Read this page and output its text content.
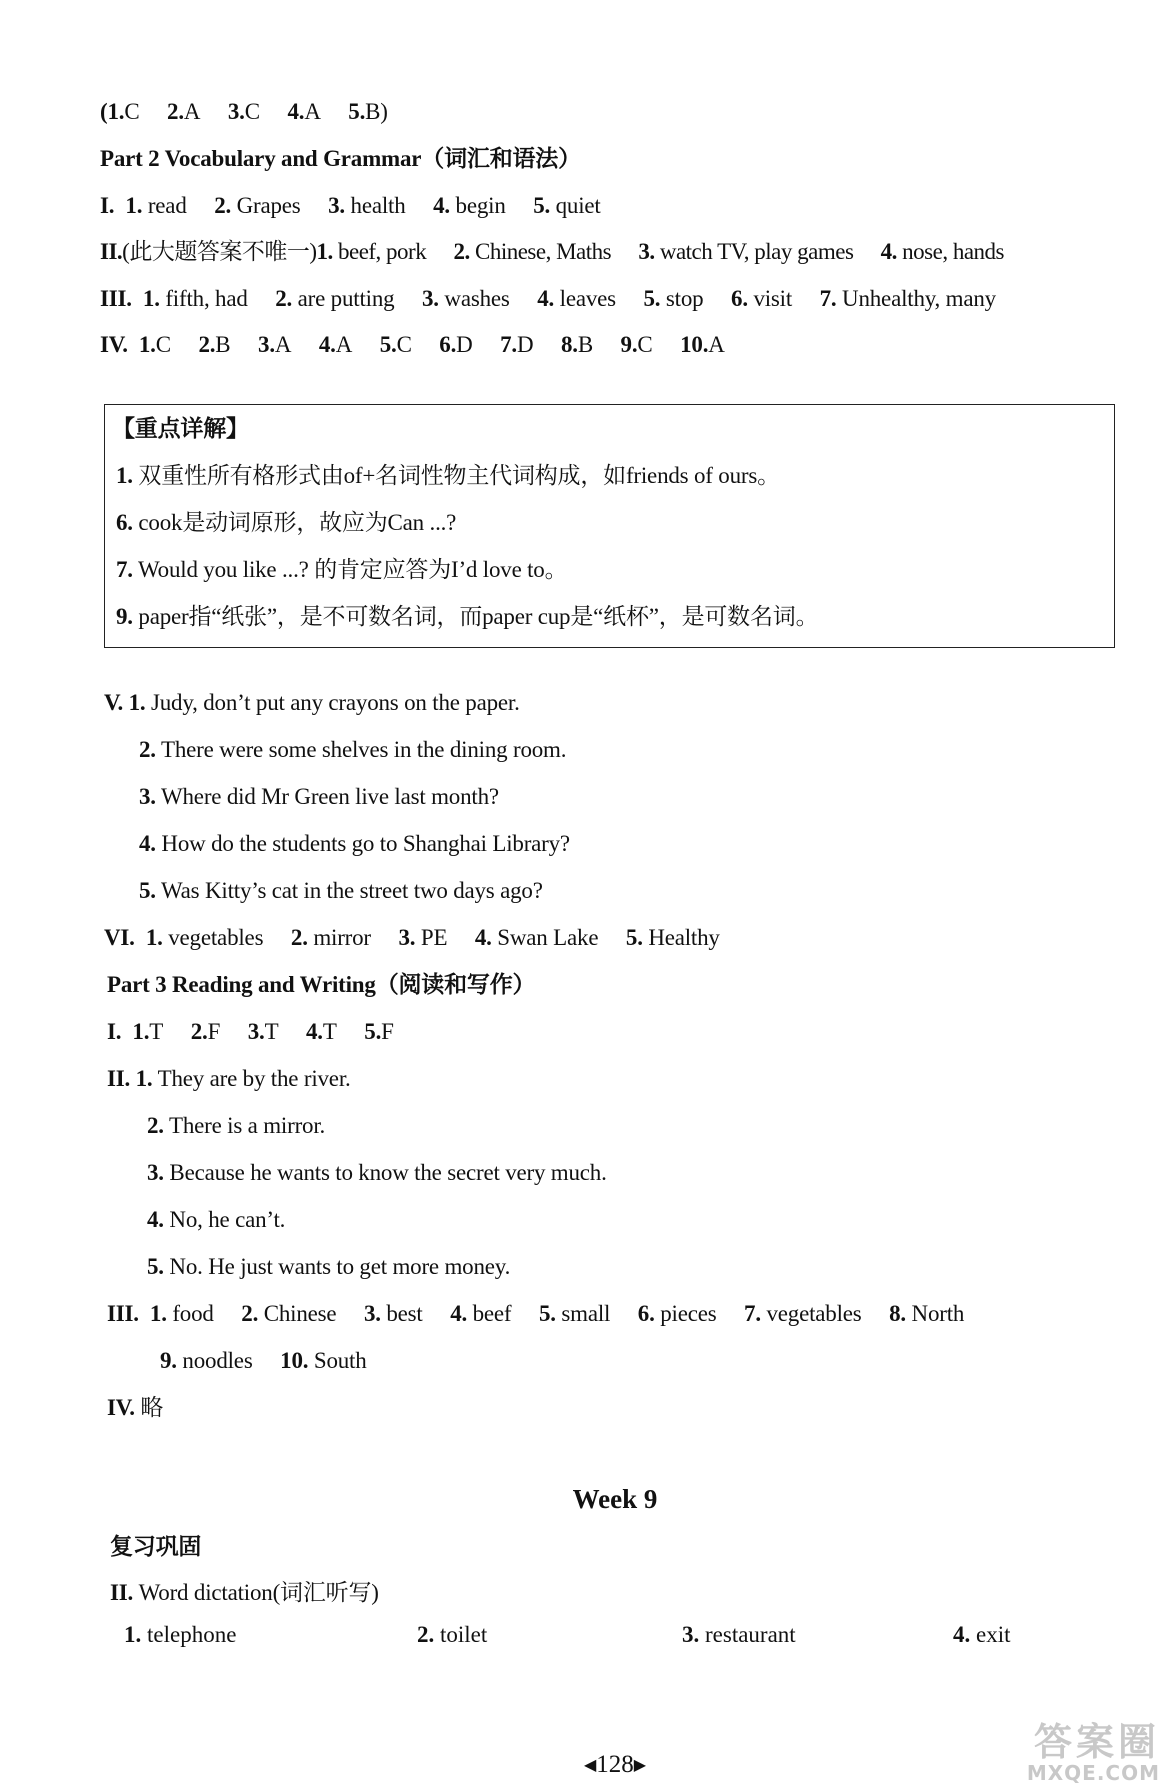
(1.C 2.A 3.C 4.A 5.B)
Part 2 Vocabulary and Grammar（词汇和语法）
I. 1. read 2. Grapes 3. health 4. begin 5. quiet
II.(此大题答案不唯一)1. beef, pork 2. Chinese, Maths 3. watch TV, play games 4. nose, hands
III. 1. fifth, had 2. are putting 3. washes 4. leaves 5. stop 6. visit 7. Unhealthy, many
IV. 1.C 2.B 3.A 4.A 5.C 6.D 7.D 8.B 9.C 10.A
【重点详解】
1. 双重性所有格形式由of+名词性物主代词构成，如friends of ours。
6. cook是动词原形，故应为Can ...?
7. Would you like ...? 的肯定应答为I’d love to。
9. paper指“纸张”，是不可数名词，而paper cup是“纸杯”，是可数名词。
V. 1. Judy, don’t put any crayons on the paper.
2. There were some shelves in the dining room.
3. Where did Mr Green live last month?
4. How do the students go to Shanghai Library?
5. Was Kitty’s cat in the street two days ago?
VI. 1. vegetables 2. mirror 3. PE 4. Swan Lake 5. Healthy
Part 3 Reading and Writing（阅读和写作）
I. 1.T 2.F 3.T 4.T 5.F
II. 1. They are by the river.
2. There is a mirror.
3. Because he wants to know the secret very much.
4. No, he can’t.
5. No. He just wants to get more money.
III. 1. food 2. Chinese 3. best 4. beef 5. small 6. pieces 7. vegetables 8. North
9. noodles 10. South
IV. 略
Week 9
复习巩固
II. Word dictation(词汇听写)
1. telephone	2. toilet	3. restaurant	4. exit
◀128▶
答案圈
MXQE.COM
